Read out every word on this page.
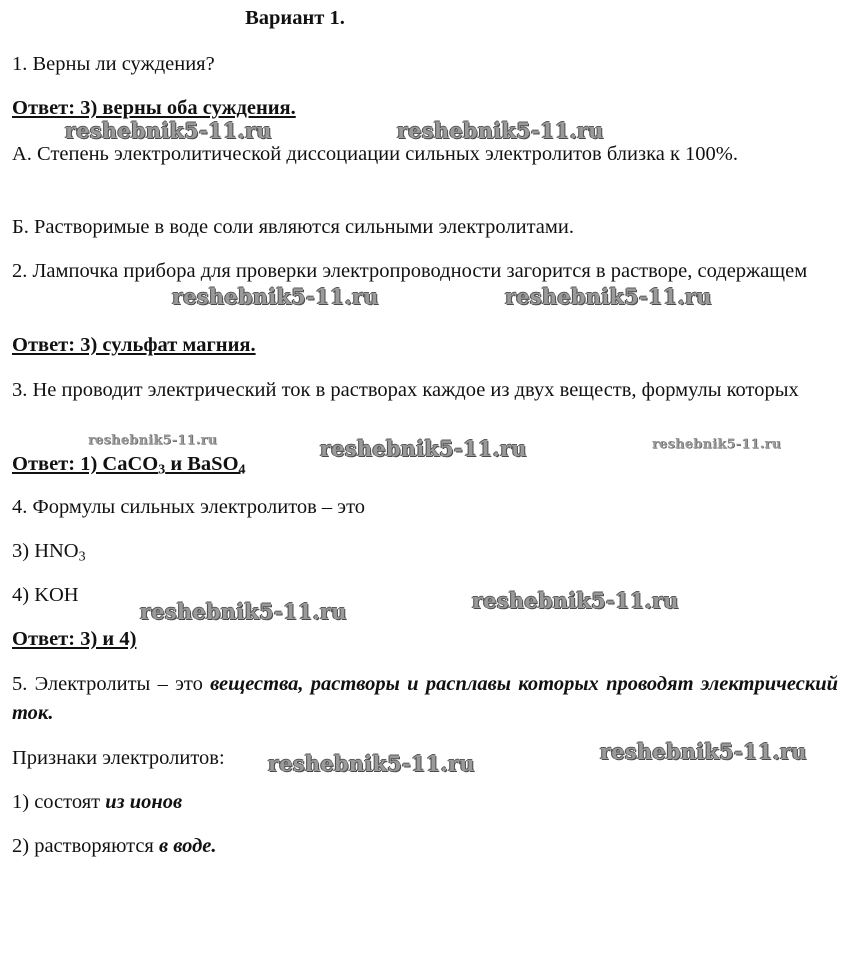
Вариант 1.

1. Верны ли суждения?

Ответ: 3) верны оба суждения.

А. Степень электролитической диссоциации сильных электролитов близка к 100%.

Б. Растворимые в воде соли являются сильными электролитами.

2. Лампочка прибора для проверки электропроводности загорится в растворе, содержащем

Ответ: 3) сульфат магния.

3. Не проводит электрический ток в растворах каждое из двух веществ, формулы которых

Ответ: 1) CaCO$_3$ и BaSO$_4$

4. Формулы сильных электролитов – это

3) $HNO_3$

4) KOH

Ответ: 3) и 4)

5. Электролиты – это вещества, растворы и расплавы которых проводят электрический ток.

Признаки электролитов:

1) состоят из ионов

2) растворяются в воде.

reshebnik5-11.ru	reshebnik5-11.ru
reshebnik5-11.ru	reshebnik5-11.ru
reshebnik5-11.ru	reshebnik5-11.ru	reshebnik5-11.ru
reshebnik5-11.ru	reshebnik5-11.ru
reshebnik5-11.ru	reshebnik5-11.ru
